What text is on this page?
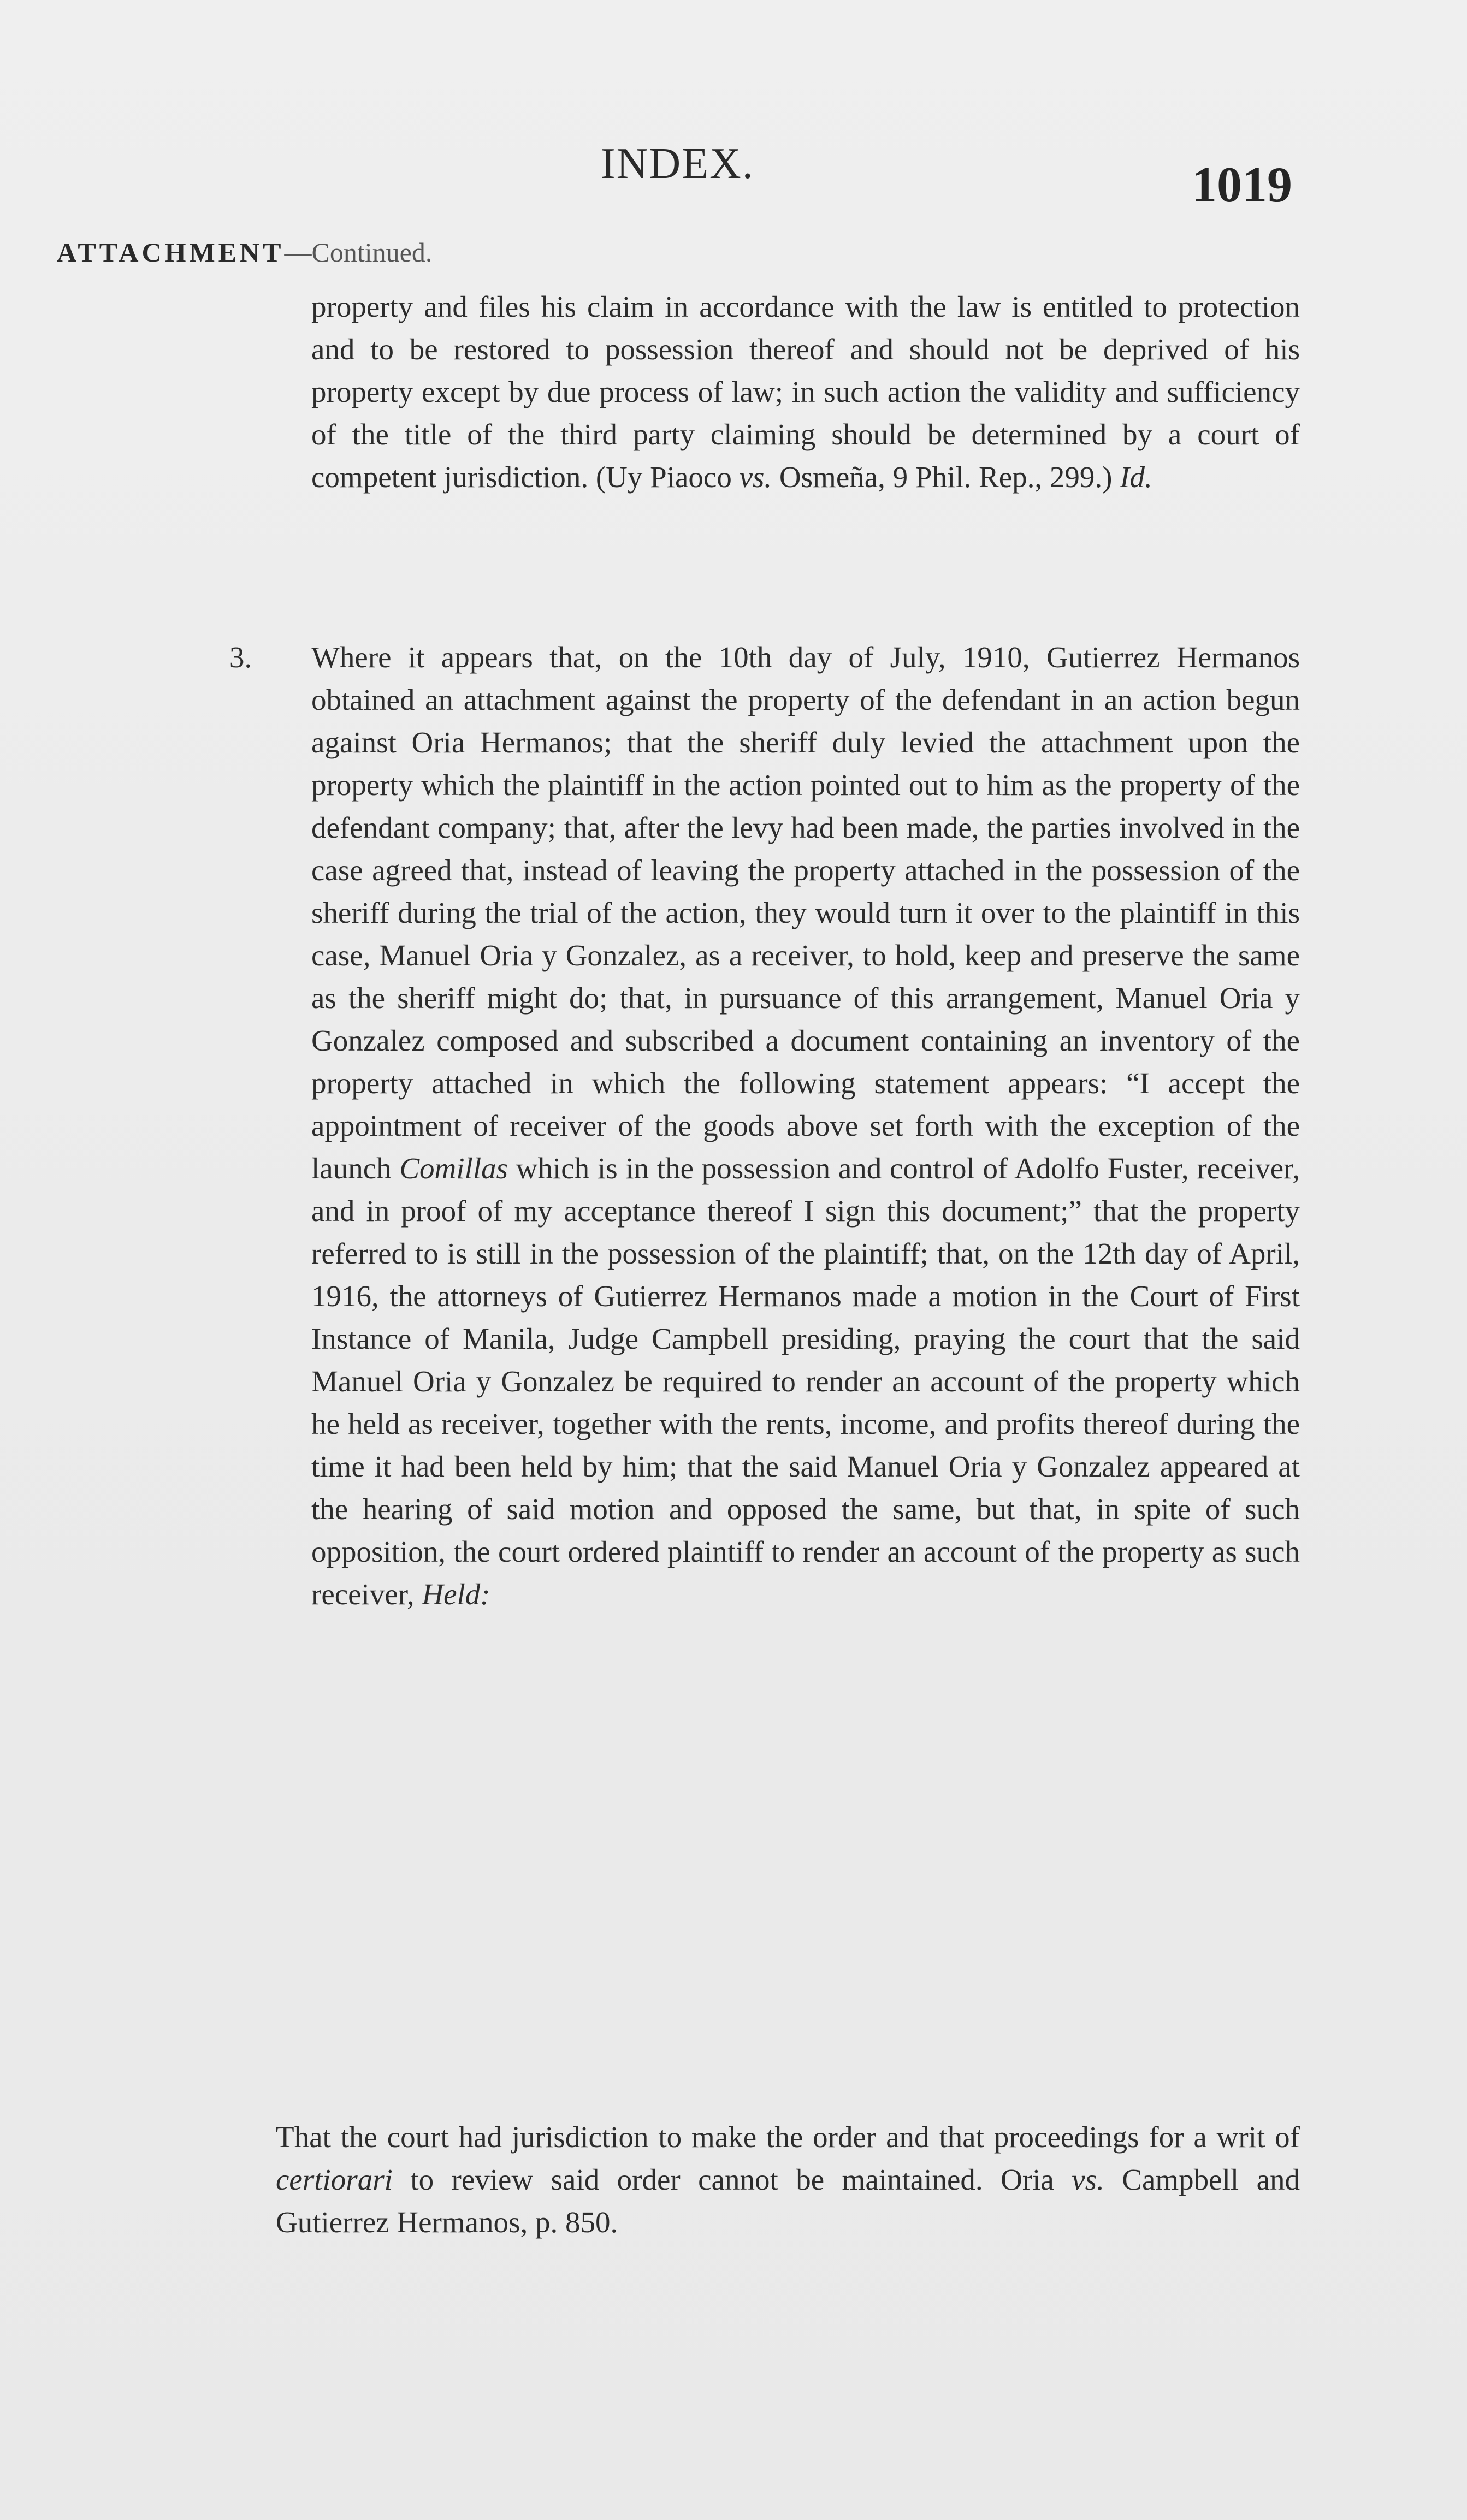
INDEX.	1019
ATTACHMENT—Continued.

property and files his claim in accordance with the law is entitled to protection and to be restored to possession thereof and should not be deprived of his property except by due process of law; in such action the validity and sufficiency of the title of the third party claiming should be determined by a court of competent jurisdiction. (Uy Piaoco vs. Osmeña, 9 Phil. Rep., 299.) Id.

3. Where it appears that, on the 10th day of July, 1910, Gutierrez Hermanos obtained an attachment against the property of the defendant in an action begun against Oria Hermanos; that the sheriff duly levied the attachment upon the property which the plaintiff in the action pointed out to him as the property of the defendant company; that, after the levy had been made, the parties involved in the case agreed that, instead of leaving the property attached in the possession of the sheriff during the trial of the action, they would turn it over to the plaintiff in this case, Manuel Oria y Gonzalez, as a receiver, to hold, keep and preserve the same as the sheriff might do; that, in pursuance of this arrangement, Manuel Oria y Gonzalez composed and subscribed a document containing an inventory of the property attached in which the following statement appears: “I accept the appointment of receiver of the goods above set forth with the exception of the launch Comillas which is in the possession and control of Adolfo Fuster, receiver, and in proof of my acceptance thereof I sign this document;” that the property referred to is still in the possession of the plaintiff; that, on the 12th day of April, 1916, the attorneys of Gutierrez Hermanos made a motion in the Court of First Instance of Manila, Judge Campbell presiding, praying the court that the said Manuel Oria y Gonzalez be required to render an account of the property which he held as receiver, together with the rents, income, and profits thereof during the time it had been held by him; that the said Manuel Oria y Gonzalez appeared at the hearing of said motion and opposed the same, but that, in spite of such opposition, the court ordered plaintiff to render an account of the property as such receiver, Held:

That the court had jurisdiction to make the order and that proceedings for a writ of certiorari to review said order cannot be maintained. Oria vs. Campbell and Gutierrez Hermanos, p. 850.
